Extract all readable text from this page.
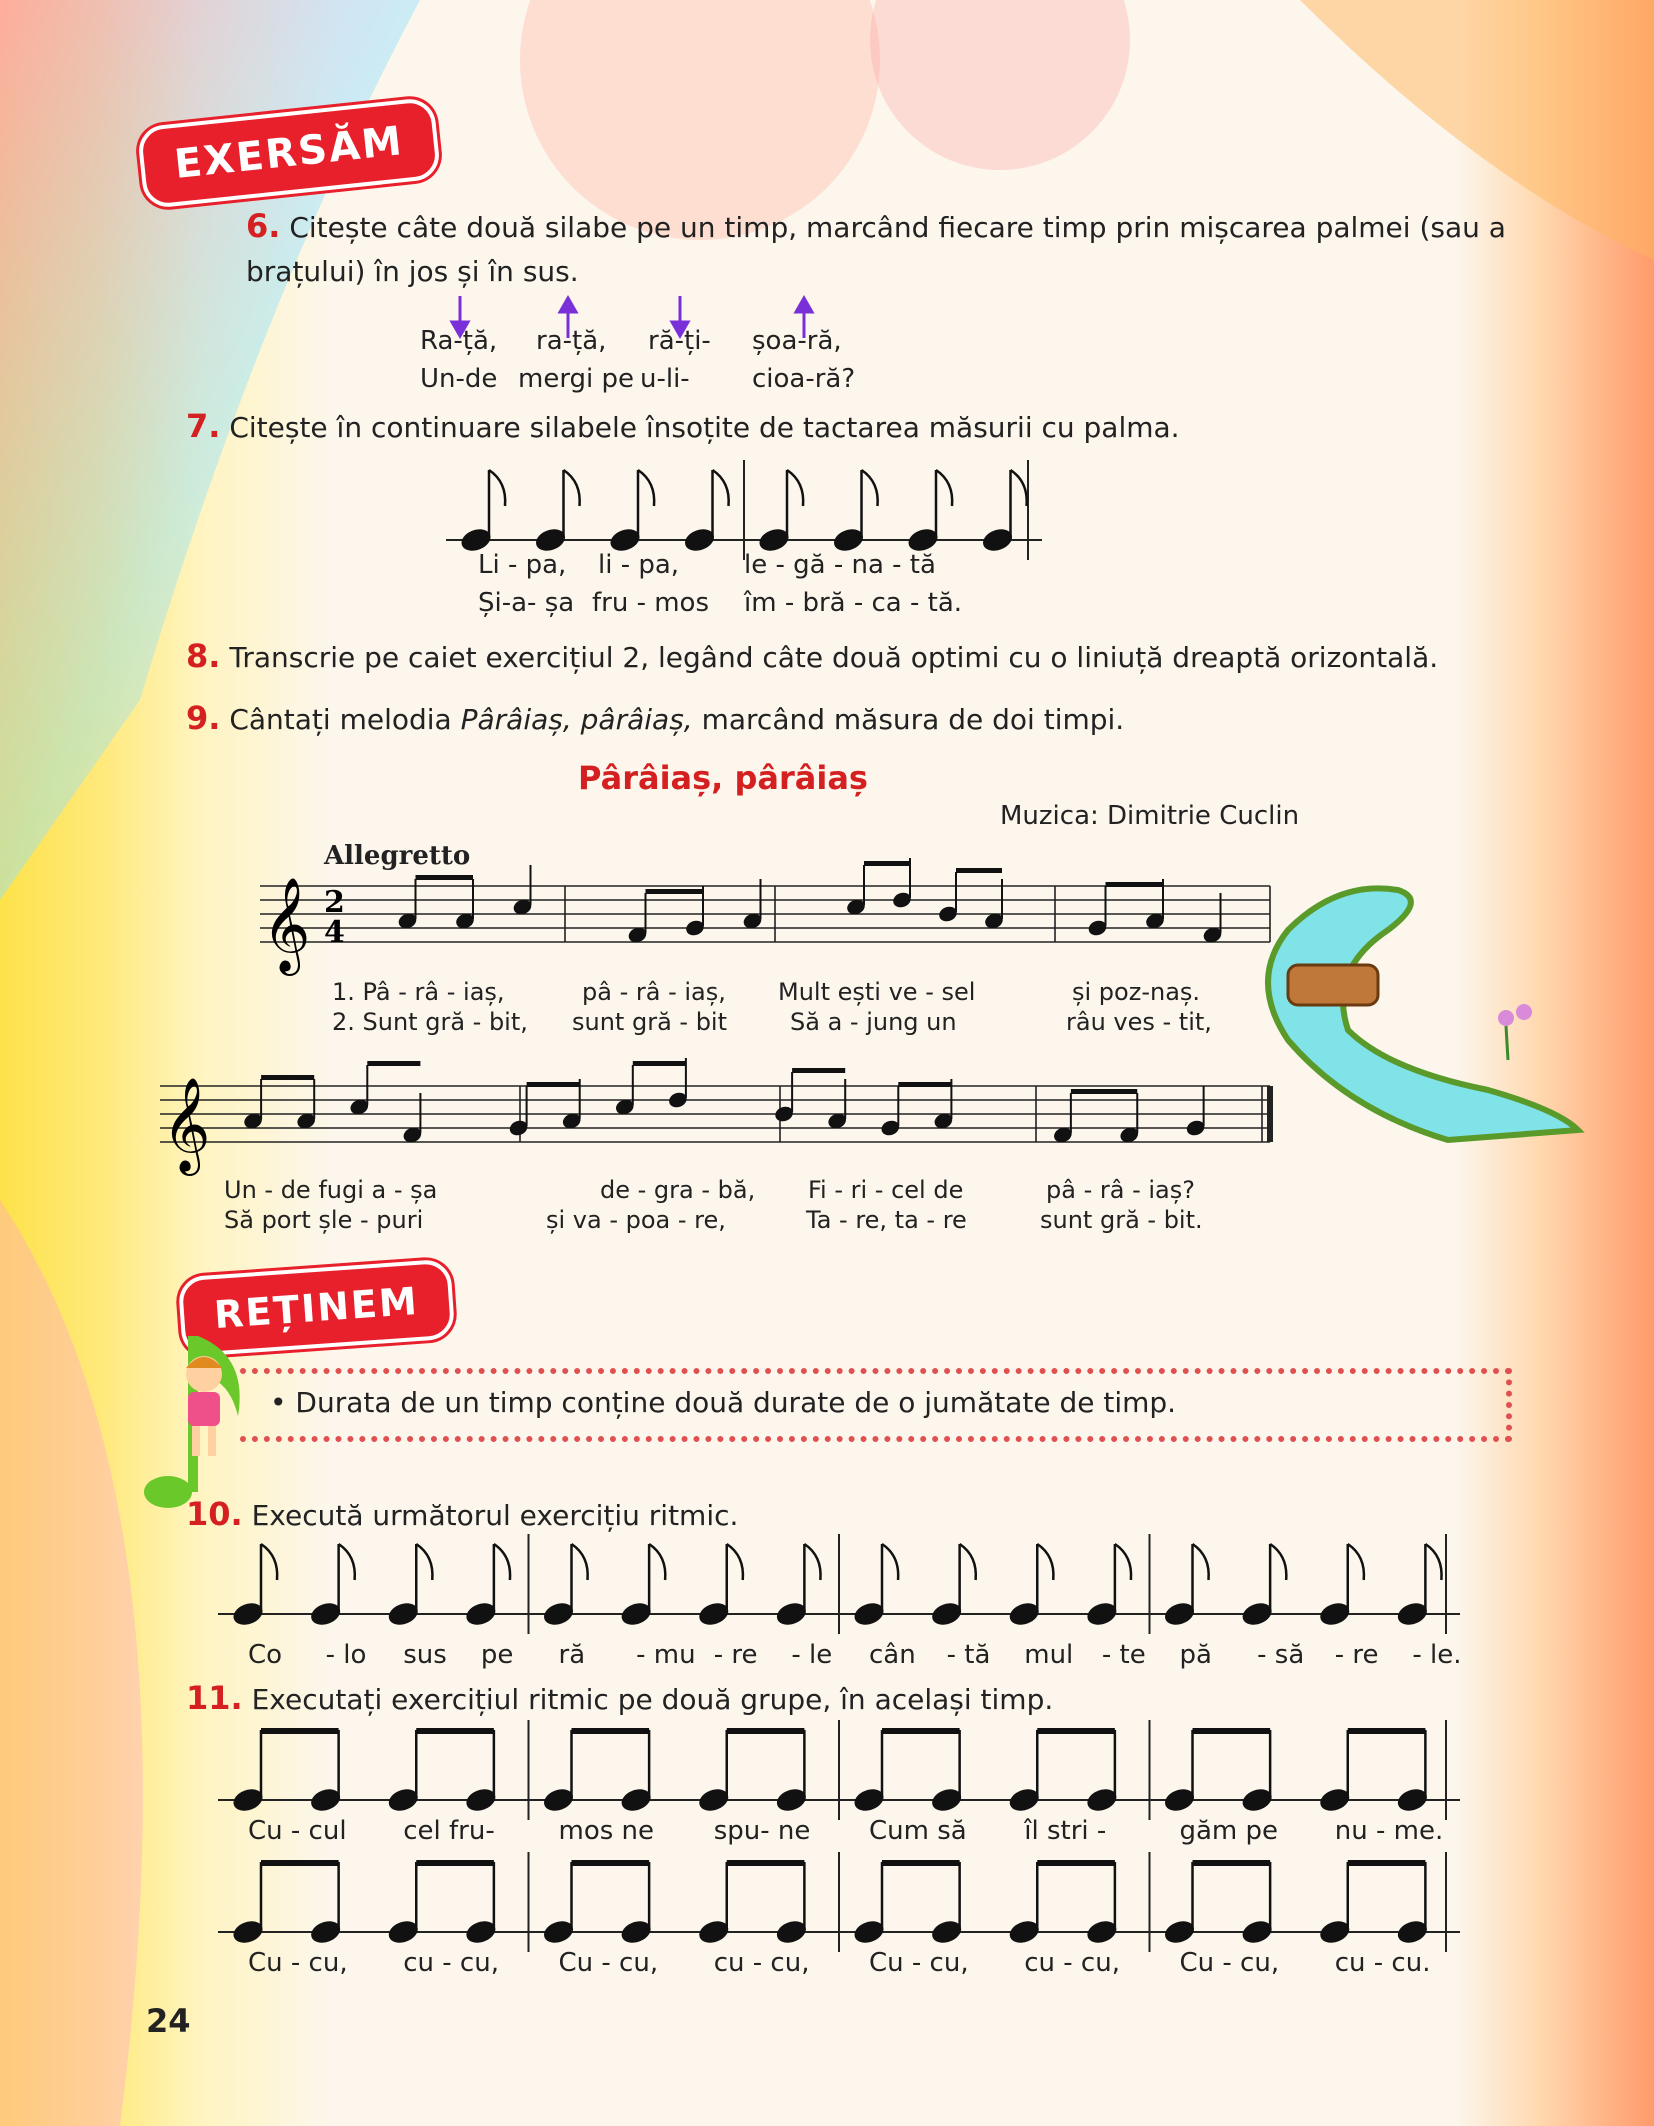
EXERSĂM
6. Citește câte două silabe pe un timp, marcând fiecare timp prin mișcarea palmei (sau a
brațului) în jos și în sus.
Ra-ță, ra-ță, ră-ți- șoa-ră,
Un-de mergi pe u-li- cioa-ră?
7. Citește în continuare silabele însoțite de tactarea măsurii cu palma.
Li - pa, li - pa, le - gă - na - tă
Și-a- șa fru - mos îm - bră - ca - tă.
8. Transcrie pe caiet exercițiul 2, legând câte două optimi cu o liniuță dreaptă orizontală.
9. Cântați melodia Pârâiaș, pârâiaș, marcând măsura de doi timpi.
Pârâiaș, pârâiaș
Muzica: Dimitrie Cuclin
Allegretto
𝄞 2
4
1. Pâ - râ - iaș,	pâ - râ - iaș, Mult ești ve - sel	și poz-naș.
2. Sunt gră - bit, sunt gră - bit	Să a - jung un	râu ves - tit,
𝄞
Un - de fugi a - șa	de - gra - bă, Fi - ri - cel de	pâ - râ - iaș?
Să port șle - puri	și va - poa - re,	Ta - re, ta - re	sunt gră - bit.
REȚINEM
• Durata de un timp conține două durate de o jumătate de timp.
10. Execută următorul exercițiu ritmic.
Co - lo sus pe ră - mu - re - le cân - tă mul - te pă - să - re - le.
11. Executați exercițiul ritmic pe două grupe, în același timp.
Cu - cul cel fru- mos ne spu- ne Cum să îl stri -	găm pe nu - me.
Cu - cu, cu - cu, Cu - cu, cu - cu, Cu - cu, cu - cu, Cu - cu, cu - cu.
24
